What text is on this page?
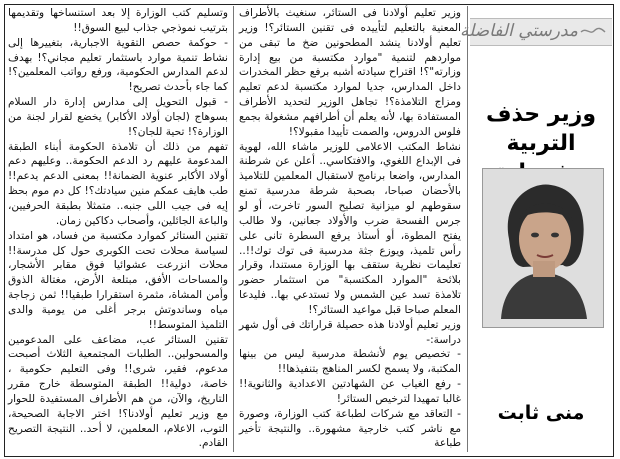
وتسليم كتب الوزارة إلا بعد استنساخها وتقديمها بترتيب نموذجي جذاب لبيع السوق!!

- حوكمة حصص التقوية الاجبارية، بتغييرها إلى نشاط تنمية موارد باستثمار تعليم مجاني؟! بهدف لدعم المدارس الحكومية، ورفع رواتب المعلمين؟! كما جاء بأحدث تصريح!

- قبول التحويل إلى مدارس إدارة دار السلام بسوهاج (لجان أولاد الأكابر) يخضع لقرار لجنة من الوزارة؟! تحية للجان؟!

تفهم من ذلك أن تلامذة الحكومة أبناء الطبقة المدعومة عليهم رد الدعم الحكومة.. وعليهم دعم أولاد الأكابر عنوية الضمانة!! بمعنى الدعم يدعم!! طب هايف عمكم منين سيادتك؟! كل دم موم بحظ إيه فى جيب اللى جنبه.. متمثلا بطبقة الحرفيين، والباعة الجائلين، وأصحاب دكاكين زمان.

تقنين الستائر كموارد مكتسبة من فساد، هو امتداد لسياسة محلات تحت الكوبرى حول كل مدرسة!! محلات انزرعت عشوائيا فوق مقابر الأشجار، والمساحات الأفق، مبتلعة الأرض، مغتالة الذوق وأمن المشاة، مثمرة استقرارا طبقيا!! ثمن زجاجة مياه وساندوتش برجر أغلى من يومية والدى التلميذ المتوسط!!

تقنين الستائر عب، مضاعف على المدعومين والمسحولين.. الطلبات المجتمعية الثلاث أصبحت مدعوم، فقير، شرى!! وفى التعليم حكومية ، خاصة، دولية!! الطبقة المتوسطة خارج مقرر التاريخ، والآن، من هم الأطراف المستفيدة للحوار مع وزير تعليم أولادنا؟! اختر الاجابة الصحيحة، التوب، الاعلام، المعلمين، لا أحد.. النتيجة التصريح القادم.

وزير تعليم أولادنا فى الستائر، سنغيث بالأطراف المعنية بالتعليم لتأييده فى تقنين الستائر؟! وزير تعليم أولادنا ينشد المطحونين ضخ ما تبقى من مواردهم لتنمية "موارد مكتسبة من بيع إدارة وزارته"؟! اقتراح سيادته أشبه برفع حظر المخدرات داخل المدارس، جديا لموارد مكتسبة لدعم تعليم ومزاج التلامذة؟! تجاهل الوزير لتحديد الأطراف المستفادة بها، لأنه يعلم أن أطرافهم مشغولة بجمع فلوس الدروس، والصمت تأييدا مقبولا؟!

نشاط المكتب الاعلامى للوزير ماشاء الله، لهوية فى الإبداع اللغوي، والافتكاسي.. أعلن عن شرطنة المدارس، واضعا برنامج لاستقبال المعلمين للتلاميذ بالأحضان صباحا، بصحبة شرطة مدرسية تمنع سقوطهم لو ميزانية تصليح السور تاخرت، أو لو جرس الفسحة ضرب والأولاد جعانين، ولا طالب يفتح المطوة، أو أستاذ يرفع السطرة تانى على رأس تلميذ، ويوزع جثة مدرسية فى توك توك!!.. تعليمات نظرية ستقف بها الوزارة مستندا، وقرار بلائحة "الموارد المكتسبة" من استثمار حضور تلامذة تسد عين الشمس ولا تستدعي بها.. فليدعا المعلم صباحا قبل مواعيد الستائر؟!

وزير تعليم أولادنا هذه حصيلة قراراتك فى أول شهر دراسة:-

- تخصيص يوم لأنشطة مدرسية ليس من بينها المكتبة، ولا يسمح لكسر المناهج بتنفيذها!!

- رفع الغياب عن الشهادتين الاعدادية والثانوية!! غالبا تمهيدا لترخيص الستائر!

- التعاقد مع شركات لطباعة كتب الوزارة، وصورة مع ناشر كتب خارجية مشهورة.. والنتيجة تأخير طباعة

مدرستي الفاضلة
وزير حذف التربية
منى ثابت
